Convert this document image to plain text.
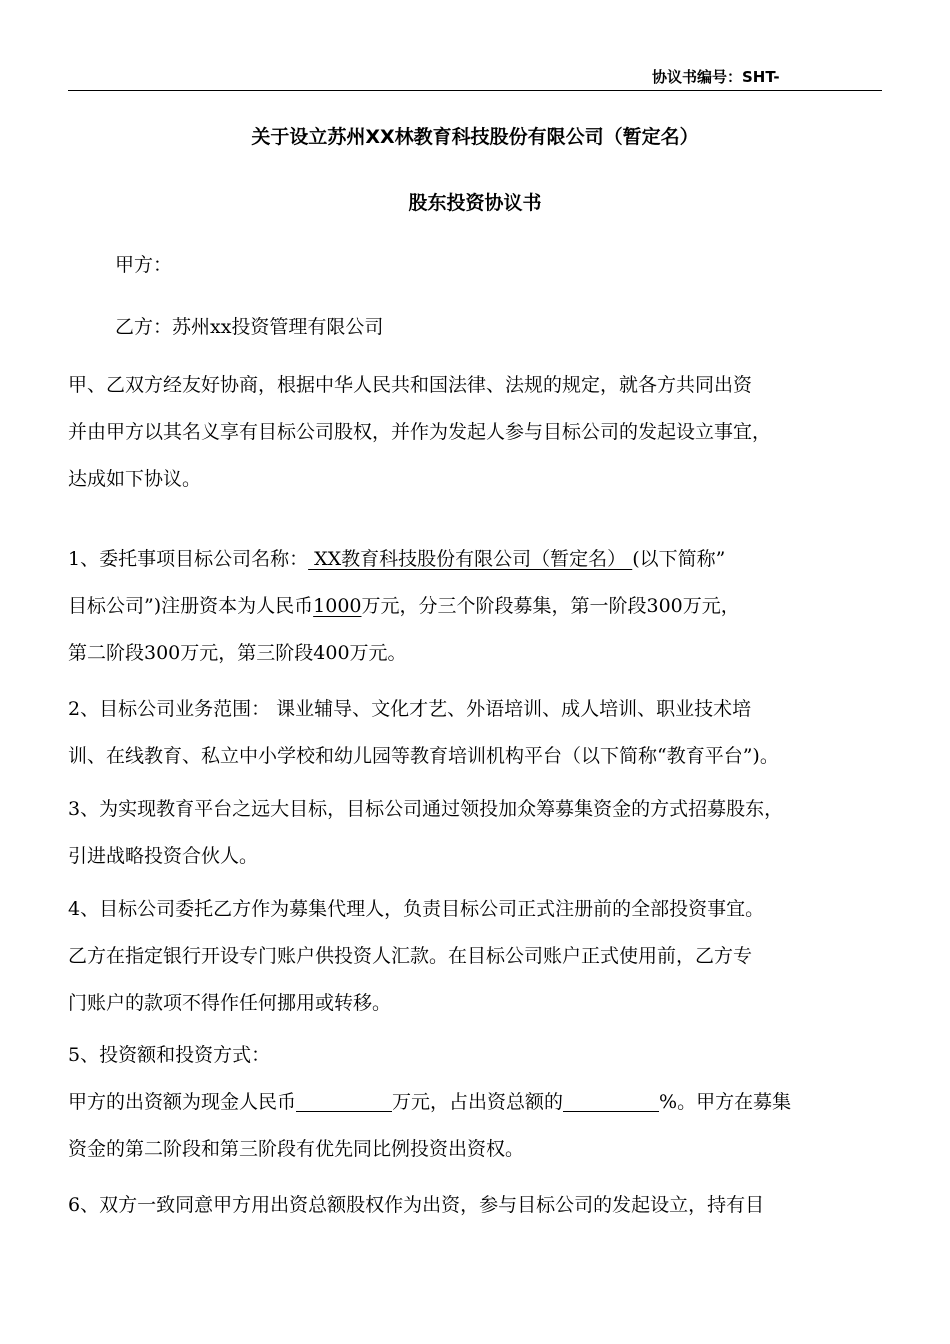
协议书编号：SHT-
关于设立苏州XX林教育科技股份有限公司（暂定名）
股东投资协议书
甲方：
乙方：苏州xx投资管理有限公司
甲、乙双方经友好协商，根据中华人民共和国法律、法规的规定，就各方共同出资
并由甲方以其名义享有目标公司股权，并作为发起人参与目标公司的发起设立事宜，
达成如下协议。
1、委托事项目标公司名称： XX教育科技股份有限公司（暂定名） (以下简称”
目标公司”)注册资本为人民币1000万元，分三个阶段募集，第一阶段300万元，
第二阶段300万元，第三阶段400万元。
2、目标公司业务范围： 课业辅导、文化才艺、外语培训、成人培训、职业技术培
训、在线教育、私立中小学校和幼儿园等教育培训机构平台（以下简称“教育平台”)。
3、为实现教育平台之远大目标，目标公司通过领投加众筹募集资金的方式招募股东，
引进战略投资合伙人。
4、目标公司委托乙方作为募集代理人，负责目标公司正式注册前的全部投资事宜。
乙方在指定银行开设专门账户供投资人汇款。在目标公司账户正式使用前，乙方专
门账户的款项不得作任何挪用或转移。
5、投资额和投资方式：
甲方的出资额为现金人民币	万元，占出资总额的	%。甲方在募集
资金的第二阶段和第三阶段有优先同比例投资出资权。
6、双方一致同意甲方用出资总额股权作为出资，参与目标公司的发起设立，持有目
